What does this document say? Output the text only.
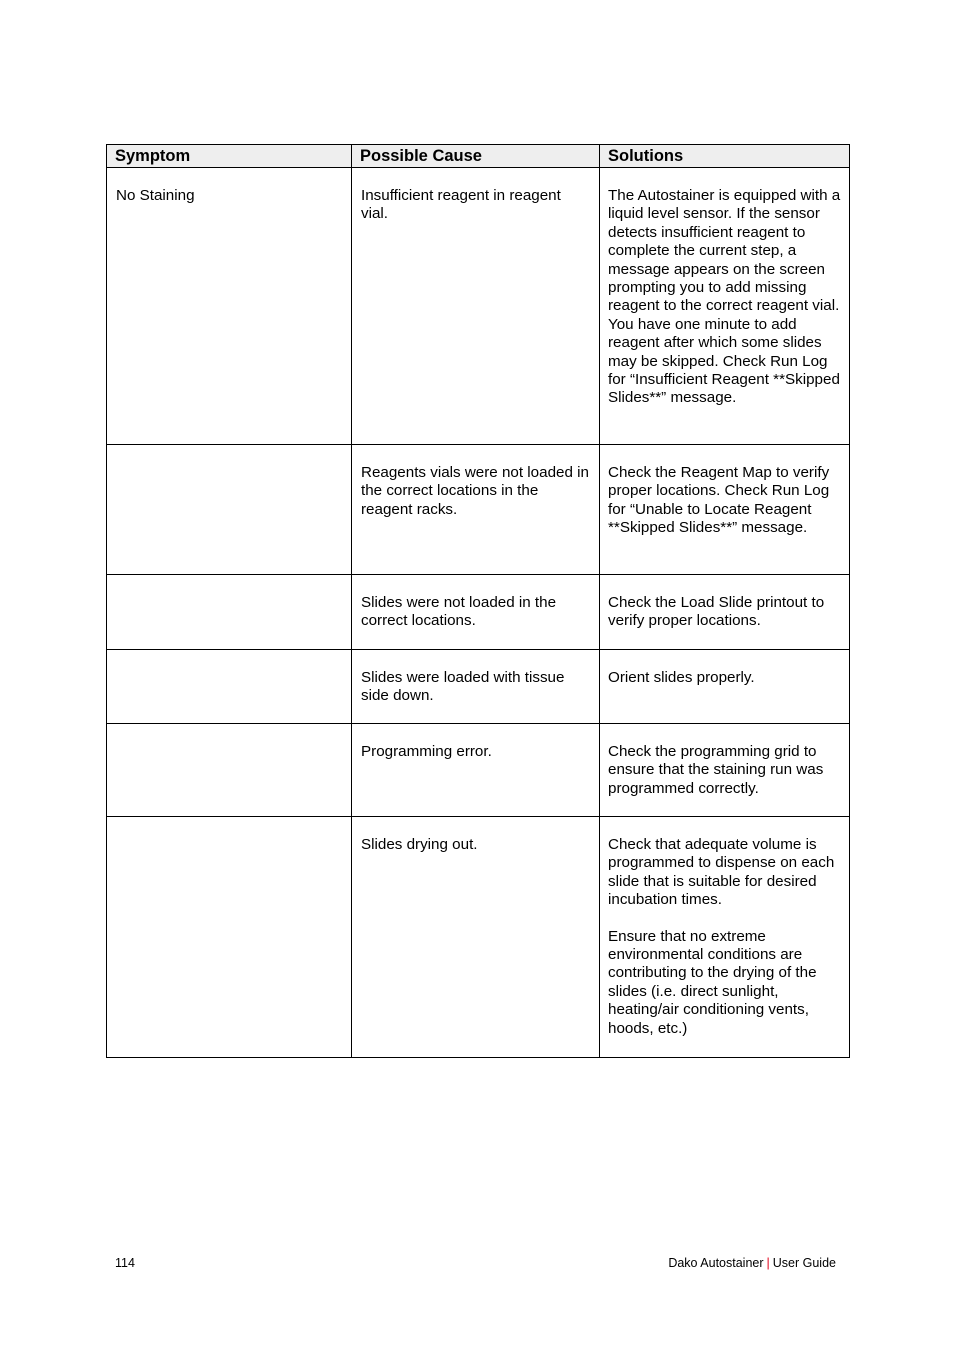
Symptom	Possible Cause	Solutions
No Staining	Insufficient reagent in reagent vial.	The Autostainer is equipped with a liquid level sensor. If the sensor detects insufficient reagent to complete the current step, a message appears on the screen prompting you to add missing reagent to the correct reagent vial. You have one minute to add reagent after which some slides may be skipped. Check Run Log for “Insufficient Reagent **Skipped Slides**” message.

	Reagents vials were not loaded in the correct locations in the reagent racks.	Check the Reagent Map to verify proper locations. Check Run Log for “Unable to Locate Reagent **Skipped Slides**” message.

	Slides were not loaded in the correct locations.	Check the Load Slide printout to verify proper locations.

	Slides were loaded with tissue side down.	Orient slides properly.

	Programming error.	Check the programming grid to ensure that the staining run was programmed correctly.

	Slides drying out.	Check that adequate volume is programmed to dispense on each slide that is suitable for desired incubation times.
Ensure that no extreme environmental conditions are contributing to the drying of the slides (i.e. direct sunlight, heating/air conditioning vents, hoods, etc.)
114	Dako Autostainer | User Guide
